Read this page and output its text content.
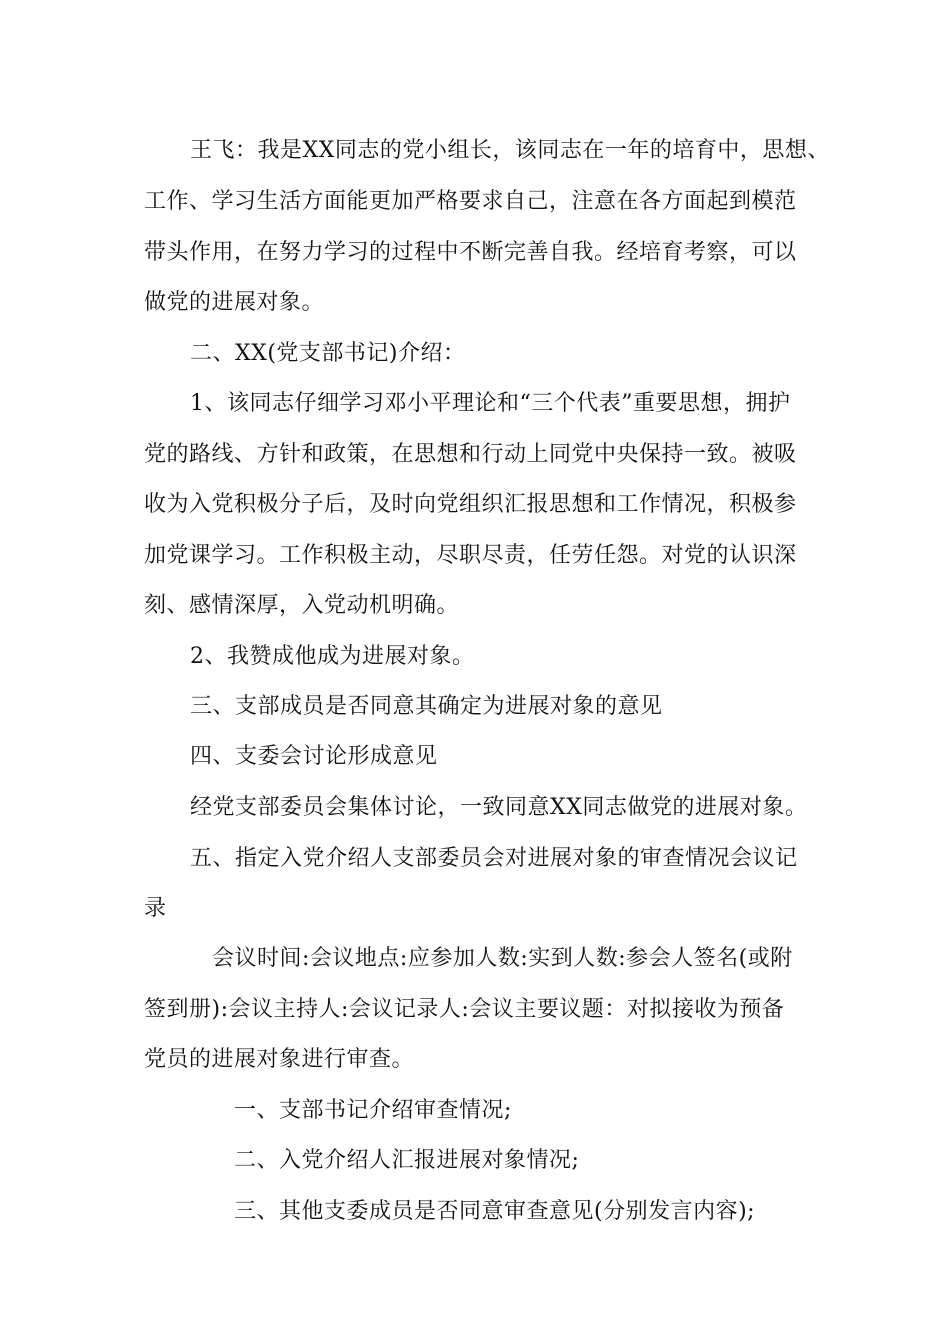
王飞：我是XX同志的党小组长，该同志在一年的培育中，思想、

工作、学习生活方面能更加严格要求自己，注意在各方面起到模范

带头作用，在努力学习的过程中不断完善自我。经培育考察，可以

做党的进展对象。

二、XX(党支部书记)介绍：

1、该同志仔细学习邓小平理论和“三个代表”重要思想，拥护

党的路线、方针和政策，在思想和行动上同党中央保持一致。被吸

收为入党积极分子后，及时向党组织汇报思想和工作情况，积极参

加党课学习。工作积极主动，尽职尽责，任劳任怨。对党的认识深

刻、感情深厚，入党动机明确。

2、我赞成他成为进展对象。

三、支部成员是否同意其确定为进展对象的意见

四、支委会讨论形成意见

经党支部委员会集体讨论，一致同意XX同志做党的进展对象。

五、指定入党介绍人支部委员会对进展对象的审查情况会议记

录

会议时间:会议地点:应参加人数:实到人数:参会人签名(或附

签到册):会议主持人:会议记录人:会议主要议题：对拟接收为预备

党员的进展对象进行审查。

一、支部书记介绍审查情况;

二、入党介绍人汇报进展对象情况;

三、其他支委成员是否同意审查意见(分别发言内容);
